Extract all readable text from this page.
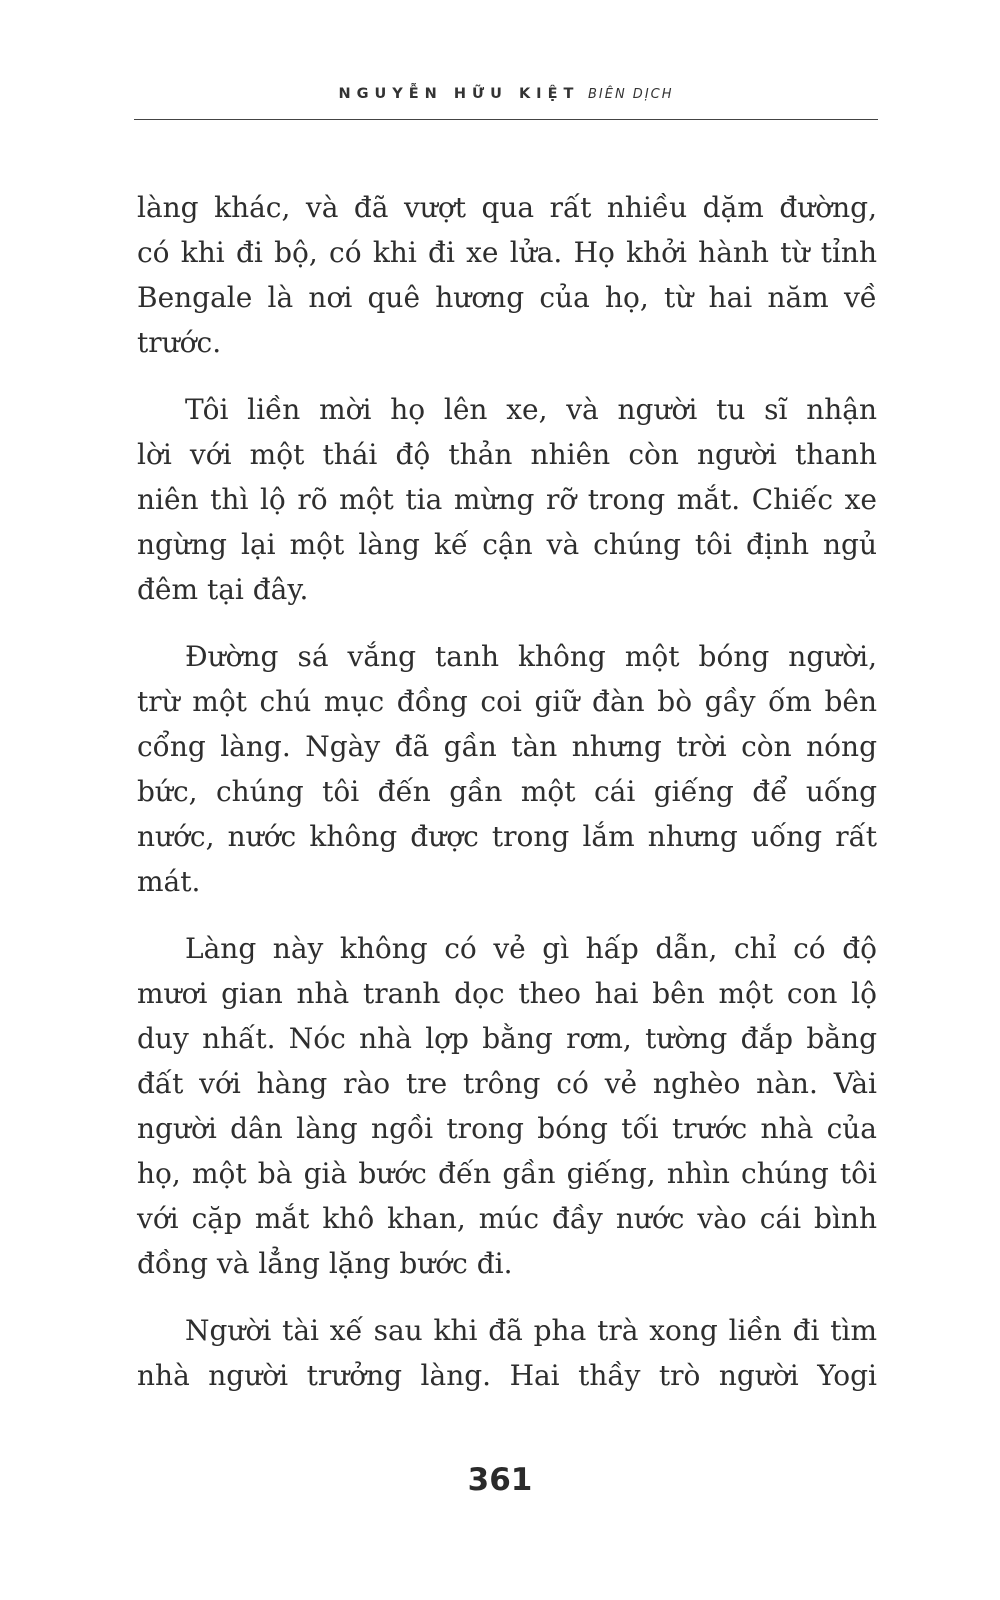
NGUYỄN HỮU KIỆT BIÊN DỊCH
làng khác, và đã vượt qua rất nhiều dặm đường,
có khi đi bộ, có khi đi xe lửa. Họ khởi hành từ tỉnh
Bengale là nơi quê hương của họ, từ hai năm về
trước.
Tôi liền mời họ lên xe, và người tu sĩ nhận
lời với một thái độ thản nhiên còn người thanh
niên thì lộ rõ một tia mừng rỡ trong mắt. Chiếc xe
ngừng lại một làng kế cận và chúng tôi định ngủ
đêm tại đây.
Đường sá vắng tanh không một bóng người,
trừ một chú mục đồng coi giữ đàn bò gầy ốm bên
cổng làng. Ngày đã gần tàn nhưng trời còn nóng
bức, chúng tôi đến gần một cái giếng để uống
nước, nước không được trong lắm nhưng uống rất
mát.
Làng này không có vẻ gì hấp dẫn, chỉ có độ
mươi gian nhà tranh dọc theo hai bên một con lộ
duy nhất. Nóc nhà lợp bằng rơm, tường đắp bằng
đất với hàng rào tre trông có vẻ nghèo nàn. Vài
người dân làng ngồi trong bóng tối trước nhà của
họ, một bà già bước đến gần giếng, nhìn chúng tôi
với cặp mắt khô khan, múc đầy nước vào cái bình
đồng và lẳng lặng bước đi.
Người tài xế sau khi đã pha trà xong liền đi tìm
nhà người trưởng làng. Hai thầy trò người Yogi
361
